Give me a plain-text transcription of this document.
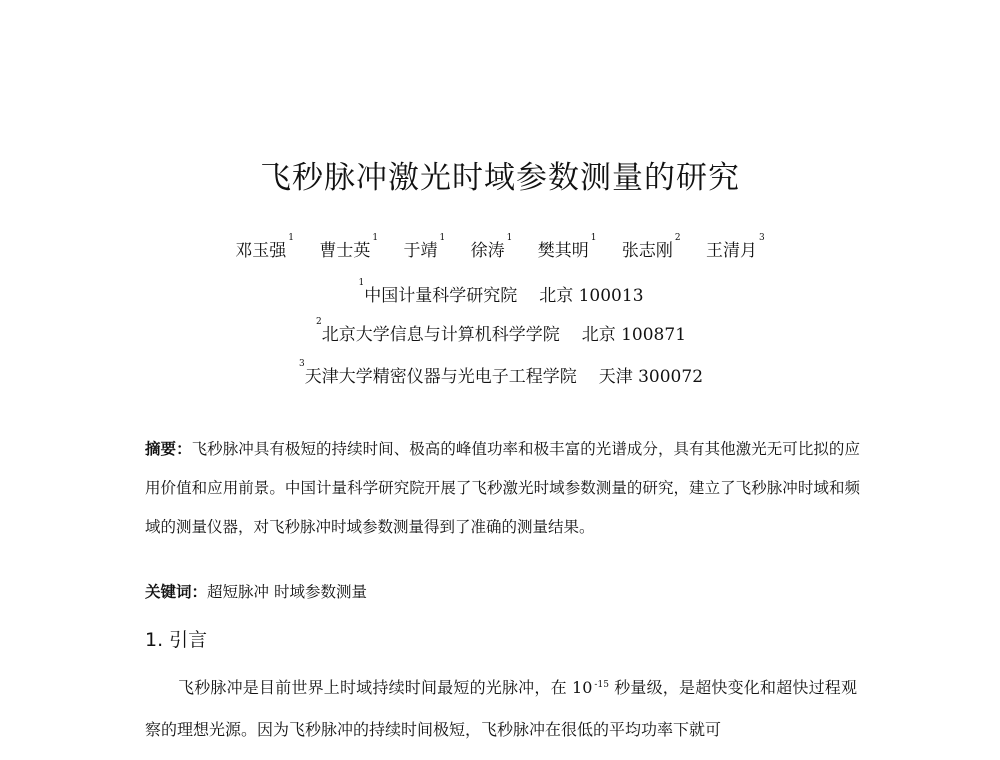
飞秒脉冲激光时域参数测量的研究
邓玉强$^1$ 曹士英$^1$ 于靖$^1$ 徐涛$^1$ 樊其明$^1$ 张志刚$^2$ 王清月$^3$
$^1$中国计量科学研究院 北京 100013
$^2$北京大学信息与计算机科学学院 北京 100871
$^3$天津大学精密仪器与光电子工程学院 天津 300072
摘要：飞秒脉冲具有极短的持续时间、极高的峰值功率和极丰富的光谱成分，具有其他激光无可比拟的应用价值和应用前景。中国计量科学研究院开展了飞秒激光时域参数测量的研究，建立了飞秒脉冲时域和频域的测量仪器，对飞秒脉冲时域参数测量得到了准确的测量结果。
关键词：超短脉冲 时域参数测量
1. 引言
飞秒脉冲是目前世界上时域持续时间最短的光脉冲，在 10 $^{-15}$ 秒量级，是超快变化和超快过程观察的理想光源。因为飞秒脉冲的持续时间极短，飞秒脉冲在很低的平均功率下就可
